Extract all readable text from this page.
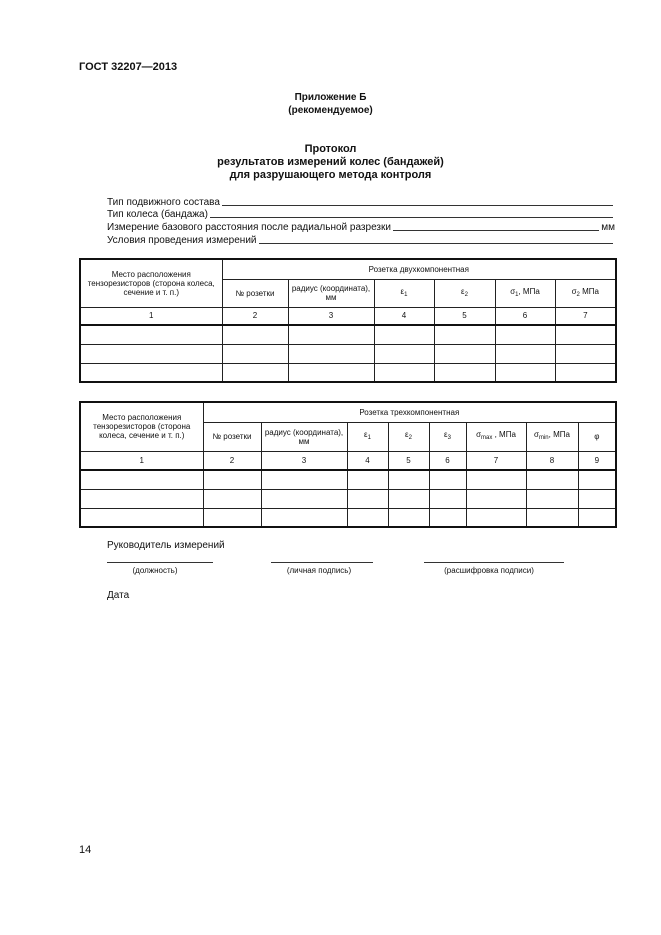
ГОСТ 32207—2013
Приложение Б
(рекомендуемое)
Протокол
результатов измерений колес (бандажей)
для разрушающего метода контроля
Тип подвижного состава
Тип колеса (бандажа)
Измерение базового расстояния после радиальной разрезки	мм
Условия проведения измерений
Место расположения тензорезисторов (сторона колеса, сечение и т. п.)	Розетка двухкомпонентная					
	№ розетки	радиус (координата), мм	$\varepsilon_1$	$\varepsilon_2$	$\sigma_1$, МПа	$\sigma_2$ МПа
1	2	3	4	5	6	7

Место расположения тензорезисторов (сторона колеса, сечение и т. п.)	Розетка трехкомпонентная							
	№ розетки	радиус (координата), мм	$\varepsilon_1$	$\varepsilon_2$	$\varepsilon_3$	$\sigma_{max}$ , МПа	$\sigma_{min}$, МПа	φ
1	2	3	4	5	6	7	8	9

Руководитель измерений
(должность)	(личная подпись)	(расшифровка подписи)
Дата
14
